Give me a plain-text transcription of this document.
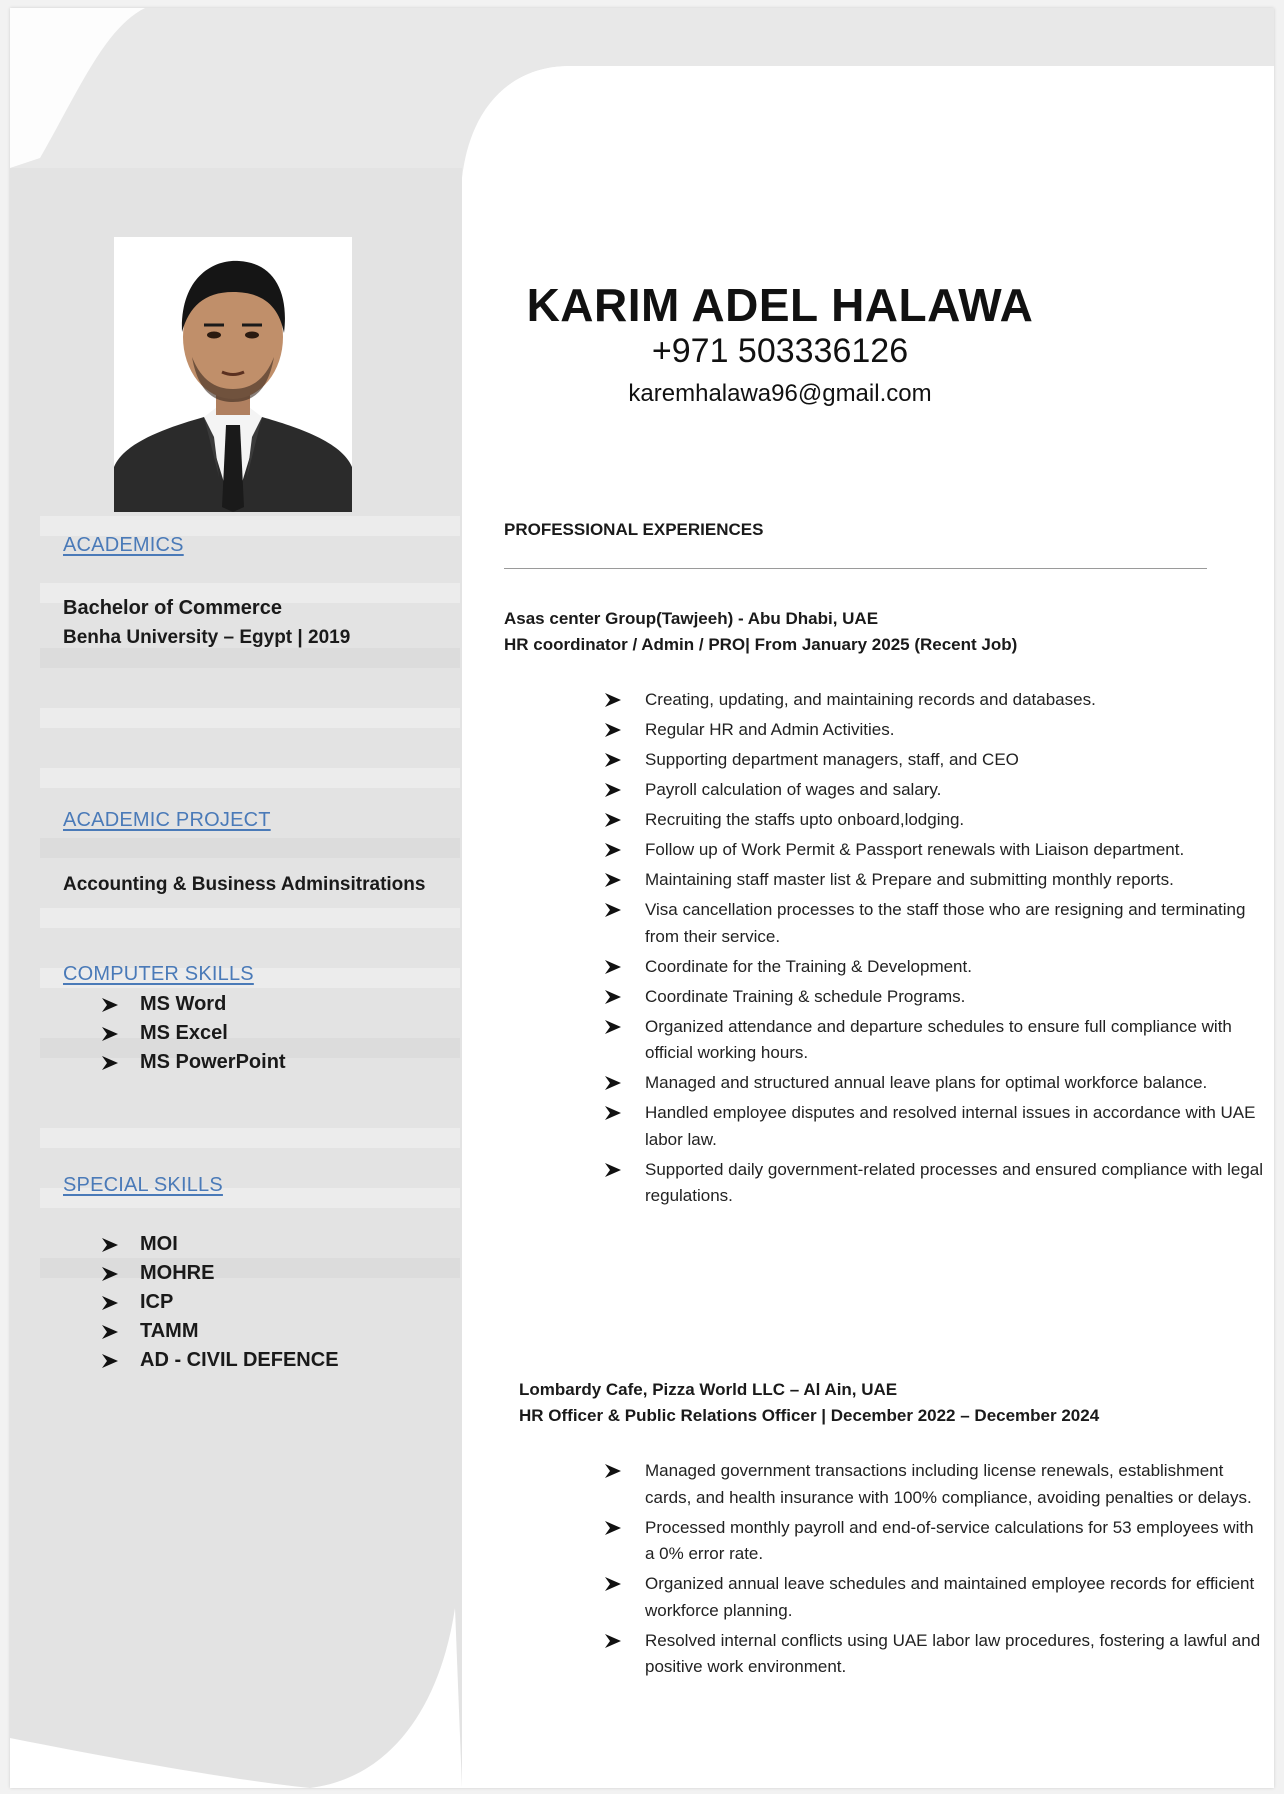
ACADEMICS
Bachelor of Commerce
Benha University – Egypt | 2019
ACADEMIC PROJECT
Accounting & Business Adminsitrations
COMPUTER SKILLS
MS Word
MS Excel
MS PowerPoint
SPECIAL SKILLS
MOI
MOHRE
ICP
TAMM
AD - CIVIL DEFENCE
KARIM ADEL HALAWA
+971 503336126
karemhalawa96@gmail.com
PROFESSIONAL EXPERIENCES
Asas center Group(Tawjeeh) - Abu Dhabi, UAE
HR coordinator / Admin / PRO| From January 2025 (Recent Job)
Creating, updating, and maintaining records and databases.
Regular HR and Admin Activities.
Supporting department managers, staff, and CEO
Payroll calculation of wages and salary.
Recruiting the staffs upto onboard,lodging.
Follow up of Work Permit & Passport renewals with Liaison department.
Maintaining staff master list & Prepare and submitting monthly reports.
Visa cancellation processes to the staff those who are resigning and terminating from their service.
Coordinate for the Training & Development.
Coordinate Training & schedule Programs.
Organized attendance and departure schedules to ensure full compliance with official working hours.
Managed and structured annual leave plans for optimal workforce balance.
Handled employee disputes and resolved internal issues in accordance with UAE labor law.
Supported daily government-related processes and ensured compliance with legal regulations.
Lombardy Cafe, Pizza World LLC – Al Ain, UAE
HR Officer & Public Relations Officer | December 2022 – December 2024
Managed government transactions including license renewals, establishment cards, and health insurance with 100% compliance, avoiding penalties or delays.
Processed monthly payroll and end-of-service calculations for 53 employees with a 0% error rate.
Organized annual leave schedules and maintained employee records for efficient workforce planning.
Resolved internal conflicts using UAE labor law procedures, fostering a lawful and positive work environment.
